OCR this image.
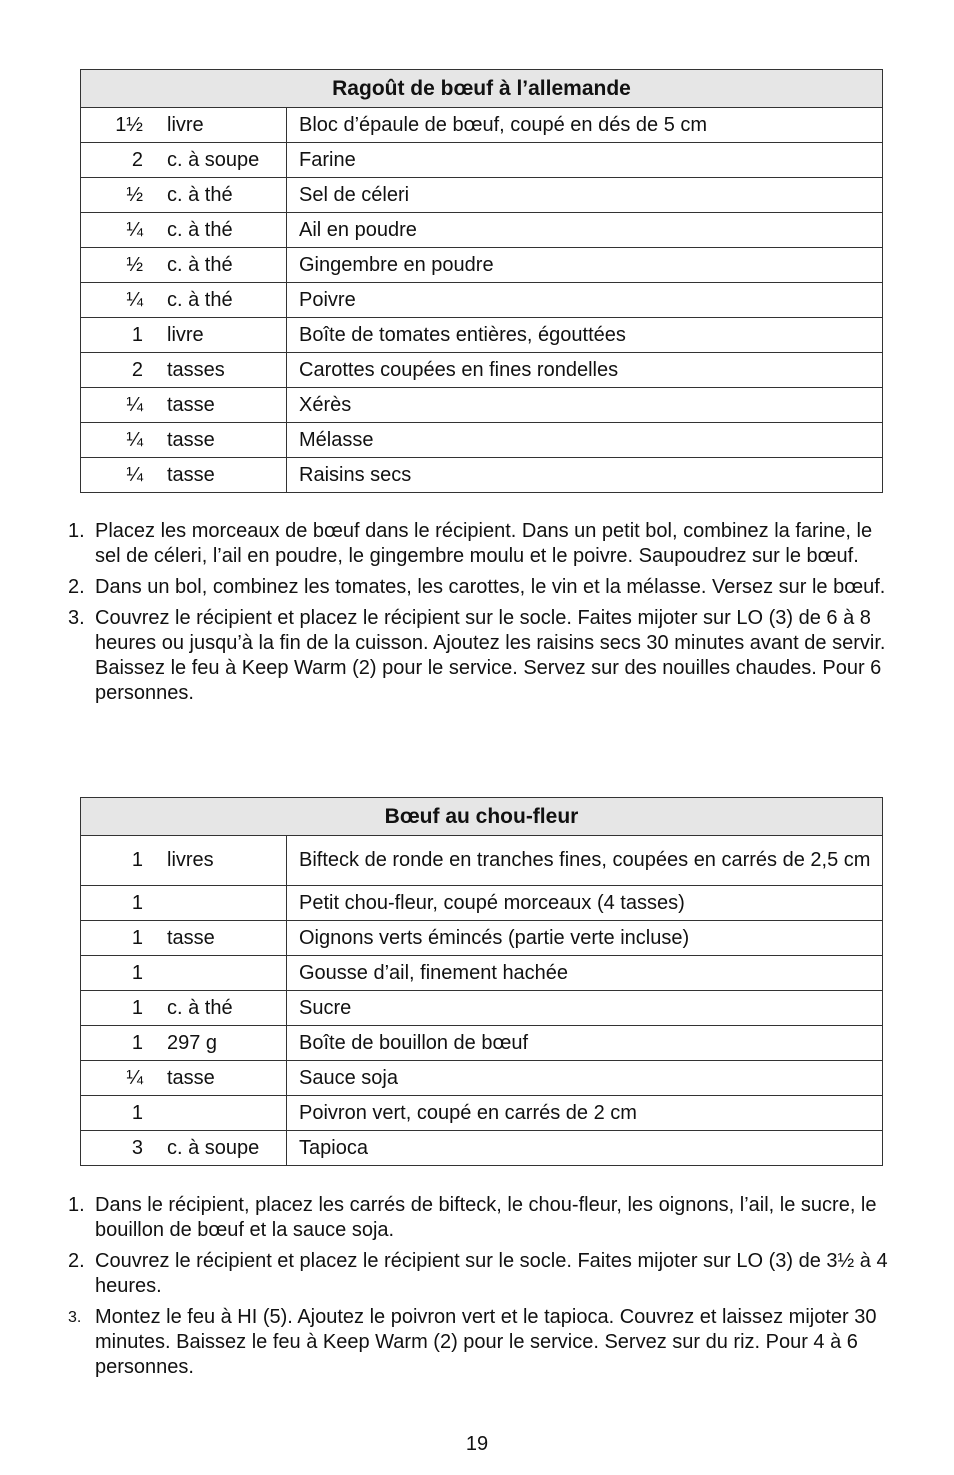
Ragoût de bœuf à l’allemande	
1½ livre	Bloc d’épaule de bœuf, coupé en dés de 5 cm
2 c. à soupe	Farine
½ c. à thé	Sel de céleri
¼ c. à thé	Ail en poudre
½ c. à thé	Gingembre en poudre
¼ c. à thé	Poivre
1 livre	Boîte de tomates entières, égouttées
2 tasses	Carottes coupées en fines rondelles
¼ tasse	Xérès
¼ tasse	Mélasse
¼ tasse	Raisins secs
1. Placez les morceaux de bœuf dans le récipient. Dans un petit bol, combinez la farine, le sel de céleri, l’ail en poudre, le gingembre moulu et le poivre. Saupoudrez sur le bœuf.
2. Dans un bol, combinez les tomates, les carottes, le vin et la mélasse. Versez sur le bœuf.
3. Couvrez le récipient et placez le récipient sur le socle. Faites mijoter sur LO (3) de 6 à 8 heures ou jusqu’à la fin de la cuisson. Ajoutez les raisins secs 30 minutes avant de servir. Baissez le feu à Keep Warm (2) pour le service. Servez sur des nouilles chaudes. Pour 6 personnes.
Bœuf au chou-fleur	
1 livres	Bifteck de ronde en tranches fines, coupées en carrés de 2,5 cm
1	Petit chou-fleur, coupé morceaux (4 tasses)
1 tasse	Oignons verts émincés (partie verte incluse)
1	Gousse d’ail, finement hachée
1 c. à thé	Sucre
1 297 g	Boîte de bouillon de bœuf
¼ tasse	Sauce soja
1	Poivron vert, coupé en carrés de 2 cm
3 c. à soupe	Tapioca
1. Dans le récipient, placez les carrés de bifteck, le chou-fleur, les oignons, l’ail, le sucre, le bouillon de bœuf et la sauce soja.
2. Couvrez le récipient et placez le récipient sur le socle. Faites mijoter sur LO (3) de 3½ à 4 heures.
3. Montez le feu à HI (5). Ajoutez le poivron vert et le tapioca. Couvrez et laissez mijoter 30 minutes. Baissez le feu à Keep Warm (2) pour le service. Servez sur du riz. Pour 4 à 6 personnes.
19
